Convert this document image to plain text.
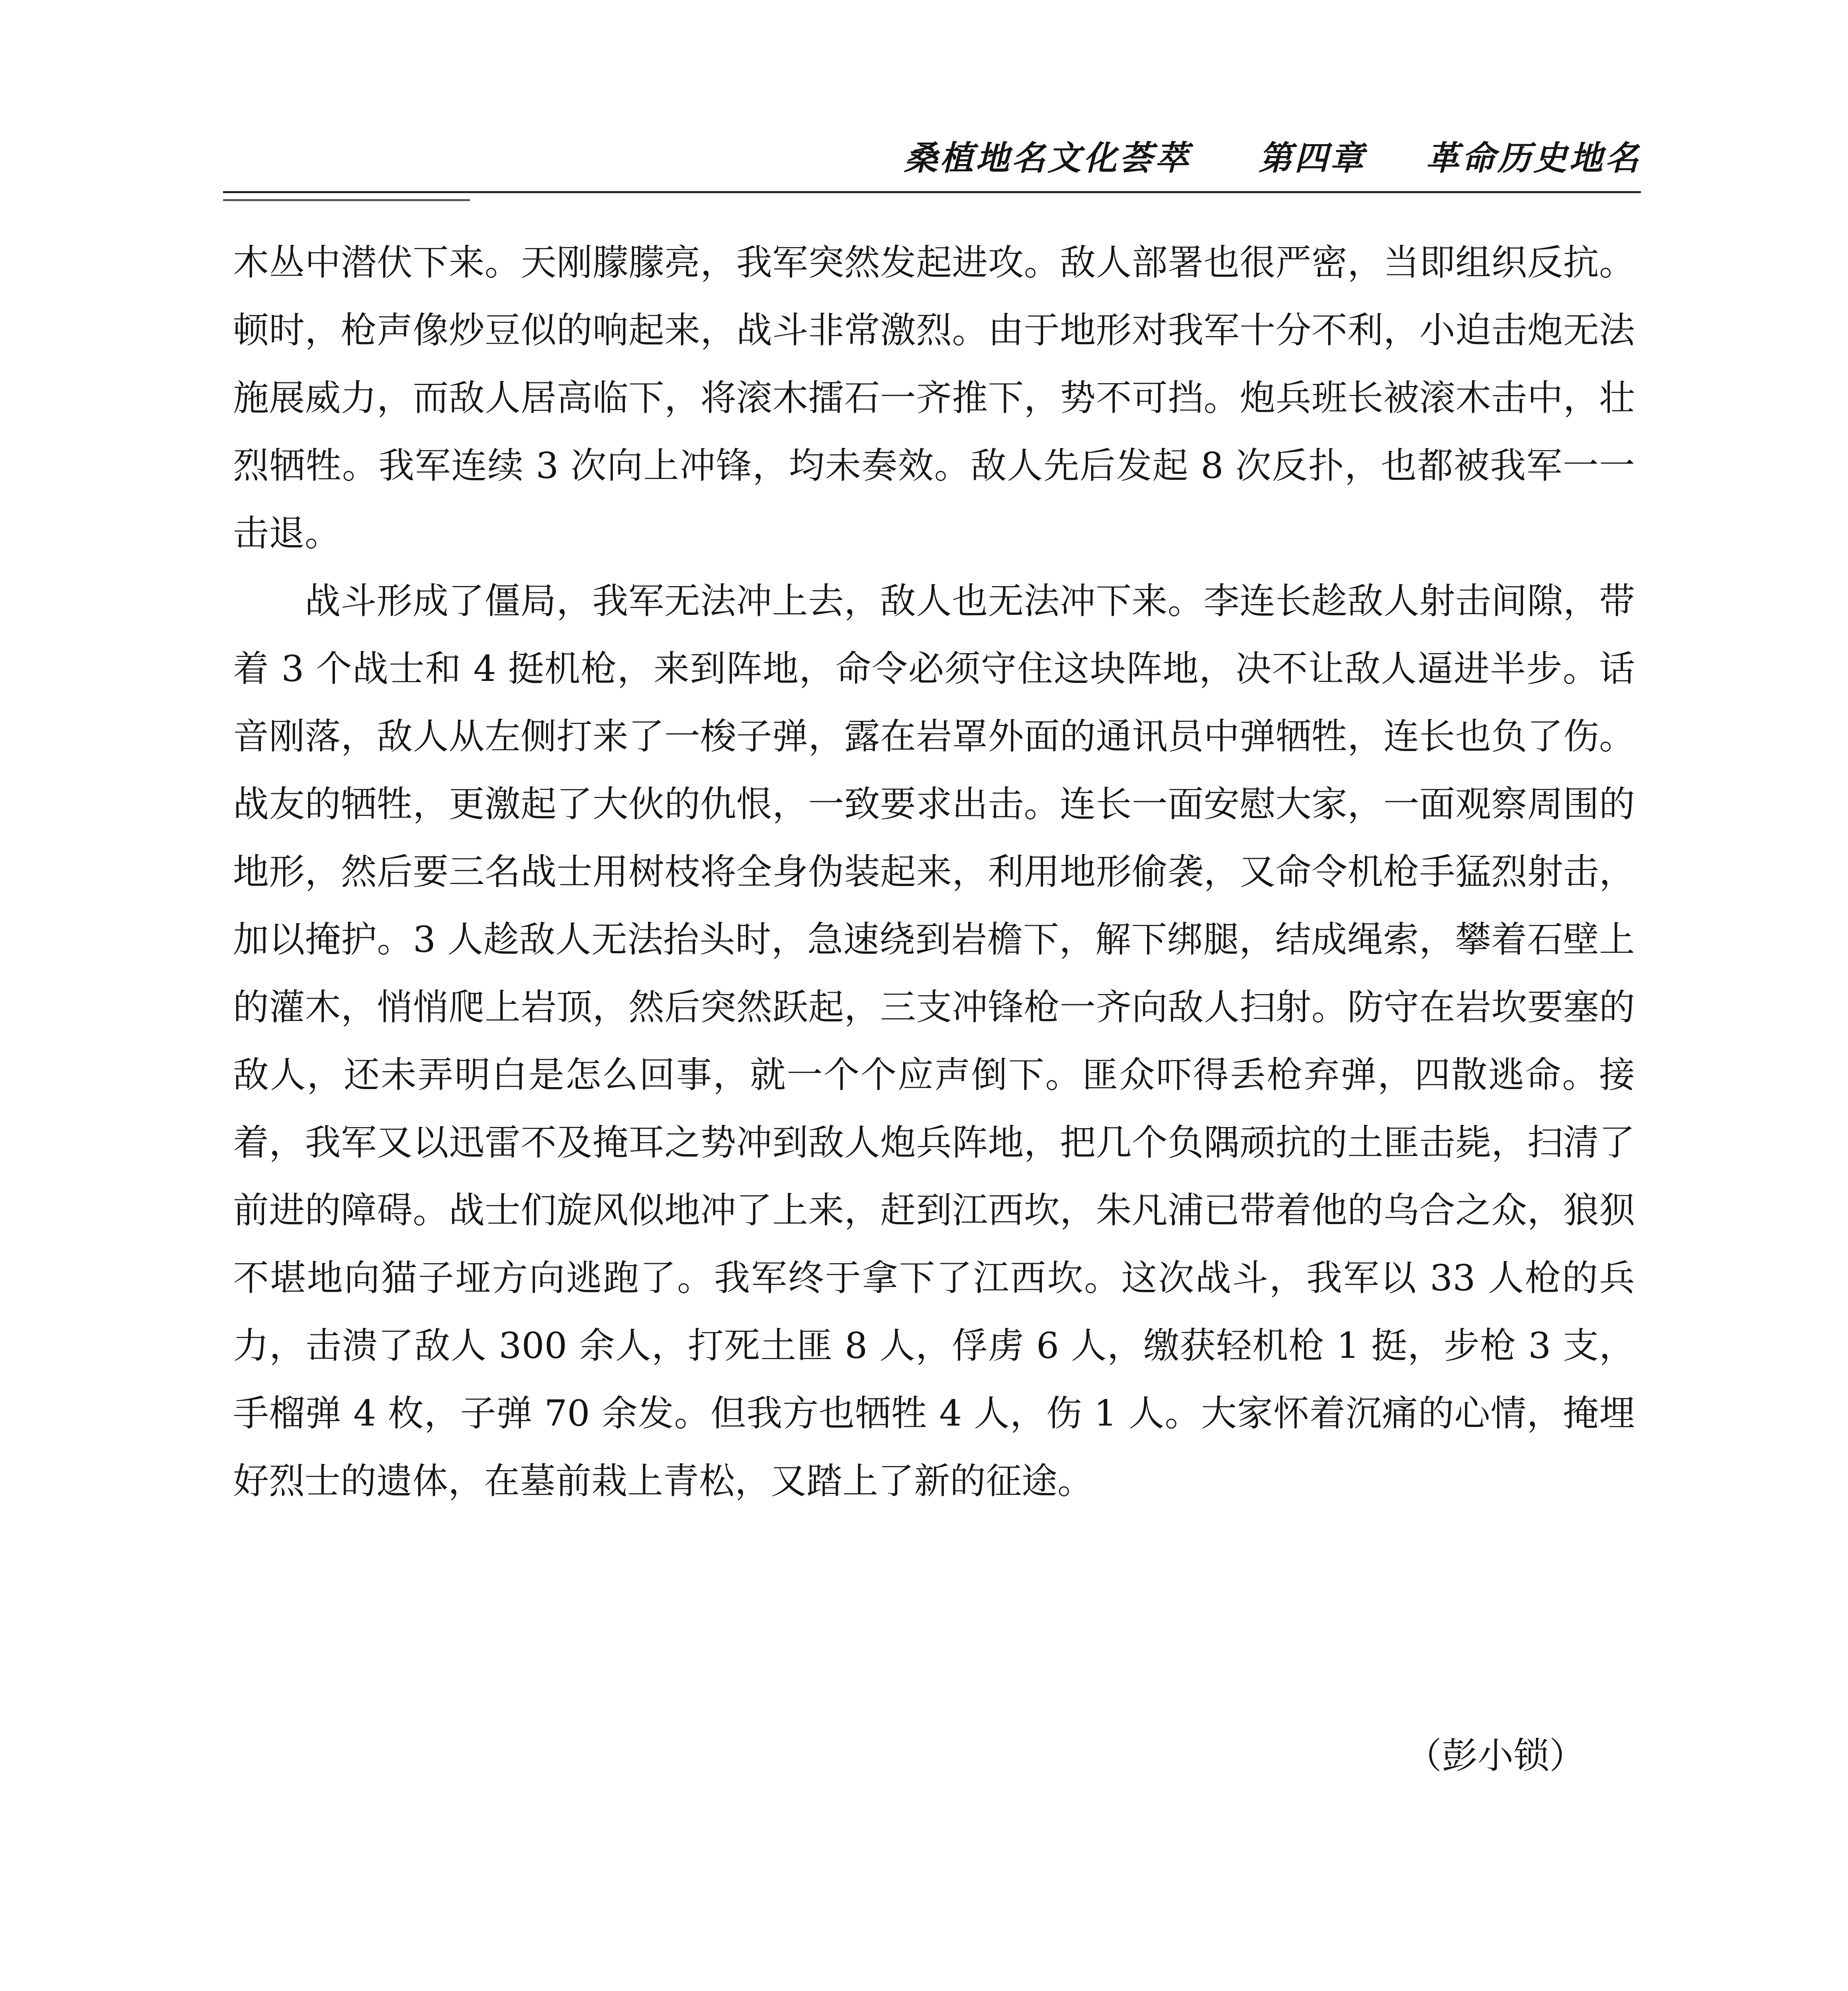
桑植地名文化荟萃 第四章 革命历史地名

木丛中潜伏下来。天刚朦朦亮，我军突然发起进攻。敌人部署也很严密，当即组织反抗。顿时，枪声像炒豆似的响起来，战斗非常激烈。由于地形对我军十分不利，小迫击炮无法施展威力，而敌人居高临下，将滚木擂石一齐推下，势不可挡。炮兵班长被滚木击中，壮烈牺牲。我军连续 3 次向上冲锋，均未奏效。敌人先后发起 8 次反扑，也都被我军一一击退。

战斗形成了僵局，我军无法冲上去，敌人也无法冲下来。李连长趁敌人射击间隙，带着 3 个战士和 4 挺机枪，来到阵地，命令必须守住这块阵地，决不让敌人逼进半步。话音刚落，敌人从左侧打来了一梭子弹，露在岩罩外面的通讯员中弹牺牲，连长也负了伤。战友的牺牲，更激起了大伙的仇恨，一致要求出击。连长一面安慰大家，一面观察周围的地形，然后要三名战士用树枝将全身伪装起来，利用地形偷袭，又命令机枪手猛烈射击，加以掩护。3 人趁敌人无法抬头时，急速绕到岩檐下，解下绑腿，结成绳索，攀着石壁上的灌木，悄悄爬上岩顶，然后突然跃起，三支冲锋枪一齐向敌人扫射。防守在岩坎要塞的敌人，还未弄明白是怎么回事，就一个个应声倒下。匪众吓得丢枪弃弹，四散逃命。接着，我军又以迅雷不及掩耳之势冲到敌人炮兵阵地，把几个负隅顽抗的土匪击毙，扫清了前进的障碍。战士们旋风似地冲了上来，赶到江西坎，朱凡浦已带着他的乌合之众，狼狈不堪地向猫子垭方向逃跑了。我军终于拿下了江西坎。这次战斗，我军以 33 人枪的兵力，击溃了敌人 300 余人，打死土匪 8 人，俘虏 6 人，缴获轻机枪 1 挺，步枪 3 支，手榴弹 4 枚，子弹 70 余发。但我方也牺牲 4 人，伤 1 人。大家怀着沉痛的心情，掩埋好烈士的遗体，在墓前栽上青松，又踏上了新的征途。

（彭小锁）
